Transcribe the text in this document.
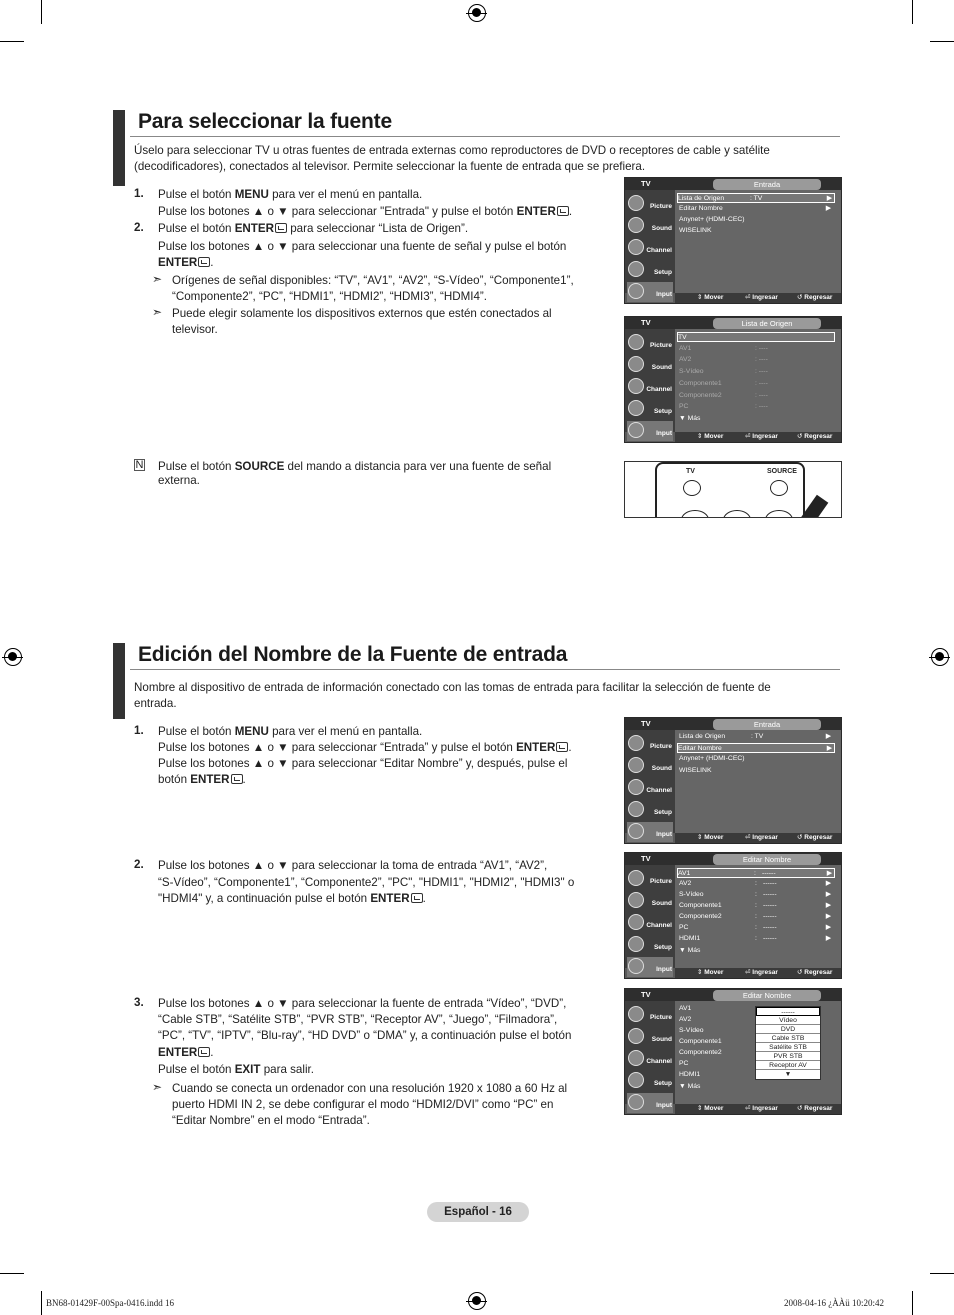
Para seleccionar la fuente
Úselo para seleccionar TV u otras fuentes de entrada externas como reproductores de DVD o receptores de cable y satélite
(decodificadores), conectados al televisor. Permite seleccionar la fuente de entrada que se prefiera.
1. Pulse el botón MENU para ver el menú en pantalla.
Pulse los botones ▲ o ▼ para seleccionar "Entrada" y pulse el botón ENTER .
2. Pulse el botón ENTER para seleccionar “Lista de Origen”.
Pulse los botones ▲ o ▼ para seleccionar una fuente de señal y pulse el botón
ENTER .
➣ Orígenes de señal disponibles: “TV”, “AV1”, “AV2”, “S-Vídeo”, “Componente1”,
“Componente2”, “PC”, “HDMI1”, “HDMI2”, “HDMI3”, “HDMI4”.
➣ Puede elegir solamente los dispositivos externos que estén conectados al
televisor.
N Pulse el botón SOURCE del mando a distancia para ver una fuente de señal
externa.
TV	Entrada
Picture
Sound
Channel
Setup
Input
Lista de Origen	: TV	▶
Editar Nombre	▶
Anynet+ (HDMI-CEC)
WISELINK
⇕ Mover	⏎ Ingresar	↺ Regresar
TV	Lista de Origen
Picture
Sound
Channel
Setup
Input
TV
AV1	: ----
AV2	: ----
S-Vídeo	: ----
Componente1	: ----
Componente2	: ----
PC	: ----
▼ Más
⇕ Mover	⏎ Ingresar	↺ Regresar
TV	SOURCE
Edición del Nombre de la Fuente de entrada
Nombre al dispositivo de entrada de información conectado con las tomas de entrada para facilitar la selección de fuente de
entrada.
1. Pulse el botón MENU para ver el menú en pantalla.
Pulse los botones ▲ o ▼ para seleccionar “Entrada” y pulse el botón ENTER .
Pulse los botones ▲ o ▼ para seleccionar “Editar Nombre” y, después, pulse el
botón ENTER .
2. Pulse los botones ▲ o ▼ para seleccionar la toma de entrada “AV1”, “AV2”,
“S-Vídeo”, “Componente1”, “Componente2”, "PC", "HDMI1", "HDMI2", "HDMI3" o
"HDMI4" y, a continuación pulse el botón ENTER .
3. Pulse los botones ▲ o ▼ para seleccionar la fuente de entrada “Vídeo”, “DVD”,
“Cable STB”, “Satélite STB”, “PVR STB”, “Receptor AV”, “Juego”, “Filmadora”,
“PC”, “TV”, “IPTV”, “Blu-ray”, “HD DVD” o “DMA” y, a continuación pulse el botón
ENTER .
Pulse el botón EXIT para salir.
➣ Cuando se conecta un ordenador con una resolución 1920 x 1080 a 60 Hz al
puerto HDMI IN 2, se debe configurar el modo “HDMI2/DVI” como “PC” en
“Editar Nombre” en el modo “Entrada”.
TV	Entrada
Picture
Sound
Channel
Setup
Input
Lista de Origen	: TV	▶
Editar Nombre	▶
Anynet+ (HDMI-CEC)
WISELINK
⇕ Mover	⏎ Ingresar	↺ Regresar
TV	Editar Nombre
Picture
Sound
Channel
Setup
Input
AV1	: ------	▶
AV2	: ------	▶
S-Vídeo	: ------	▶
Componente1	: ------	▶
Componente2	: ------	▶
PC	: ------	▶
HDMI1	: ------	▶
▼ Más
⇕ Mover	⏎ Ingresar	↺ Regresar
TV	Editar Nombre
Picture
Sound
Channel
Setup
Input
AV1
AV2
S-Vídeo
Componente1
Componente2
PC
HDMI1
▼ Más
------
Vídeo
DVD
Cable STB
Satélite STB
PVR STB
Receptor AV
▼
⇕ Mover	⏎ Ingresar	↺ Regresar
Español - 16
BN68-01429F-00Spa-0416.indd 16	2008-04-16 ¿ÀÀü 10:20:42
